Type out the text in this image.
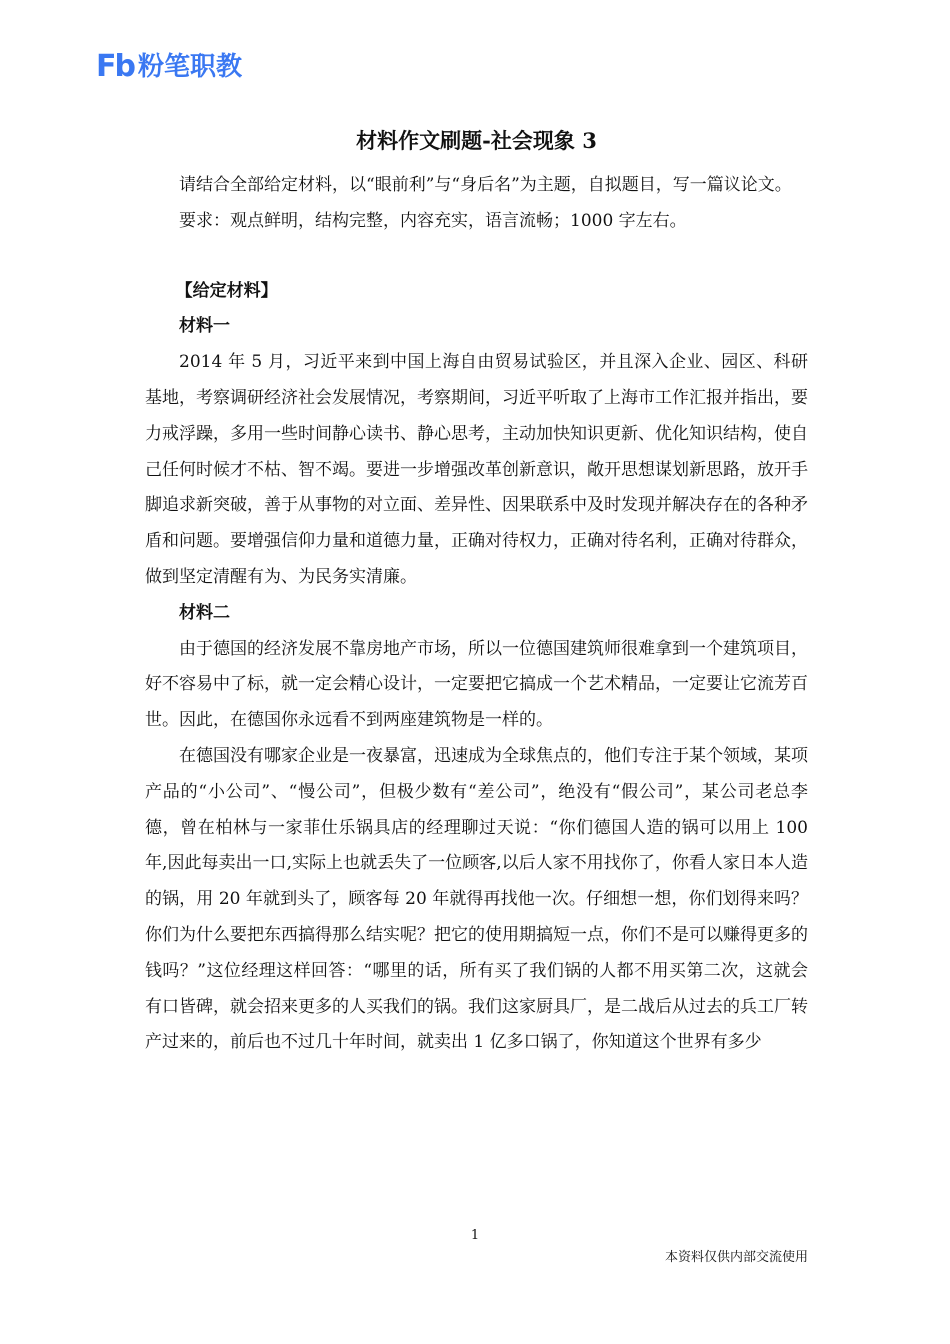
Fb 粉笔职教
材料作文刷题-社会现象 3

请结合全部给定材料，以“眼前利”与“身后名”为主题，自拟题目，写一篇议论文。

要求：观点鲜明，结构完整，内容充实，语言流畅；1000 字左右。

【给定材料】

材料一

2014 年 5 月，习近平来到中国上海自由贸易试验区，并且深入企业、园区、科研基地，考察调研经济社会发展情况，考察期间，习近平听取了上海市工作汇报并指出，要力戒浮躁，多用一些时间静心读书、静心思考，主动加快知识更新、优化知识结构，使自己任何时候才不枯、智不竭。要进一步增强改革创新意识，敞开思想谋划新思路，放开手脚追求新突破，善于从事物的对立面、差异性、因果联系中及时发现并解决存在的各种矛盾和问题。要增强信仰力量和道德力量，正确对待权力，正确对待名利，正确对待群众，做到坚定清醒有为、为民务实清廉。

材料二

由于德国的经济发展不靠房地产市场，所以一位德国建筑师很难拿到一个建筑项目，好不容易中了标，就一定会精心设计，一定要把它搞成一个艺术精品，一定要让它流芳百世。因此，在德国你永远看不到两座建筑物是一样的。

在德国没有哪家企业是一夜暴富，迅速成为全球焦点的，他们专注于某个领域，某项产品的“小公司”、“慢公司”，但极少数有“差公司”，绝没有“假公司”，某公司老总李德，曾在柏林与一家菲仕乐锅具店的经理聊过天说：“你们德国人造的锅可以用上 100 年,因此每卖出一口,实际上也就丢失了一位顾客,以后人家不用找你了，你看人家日本人造的锅，用 20 年就到头了，顾客每 20 年就得再找他一次。仔细想一想，你们划得来吗？你们为什么要把东西搞得那么结实呢？把它的使用期搞短一点，你们不是可以赚得更多的钱吗？”这位经理这样回答：“哪里的话，所有买了我们锅的人都不用买第二次，这就会有口皆碑，就会招来更多的人买我们的锅。我们这家厨具厂，是二战后从过去的兵工厂转产过来的，前后也不过几十年时间，就卖出 1 亿多口锅了，你知道这个世界有多少

1
本资料仅供内部交流使用
